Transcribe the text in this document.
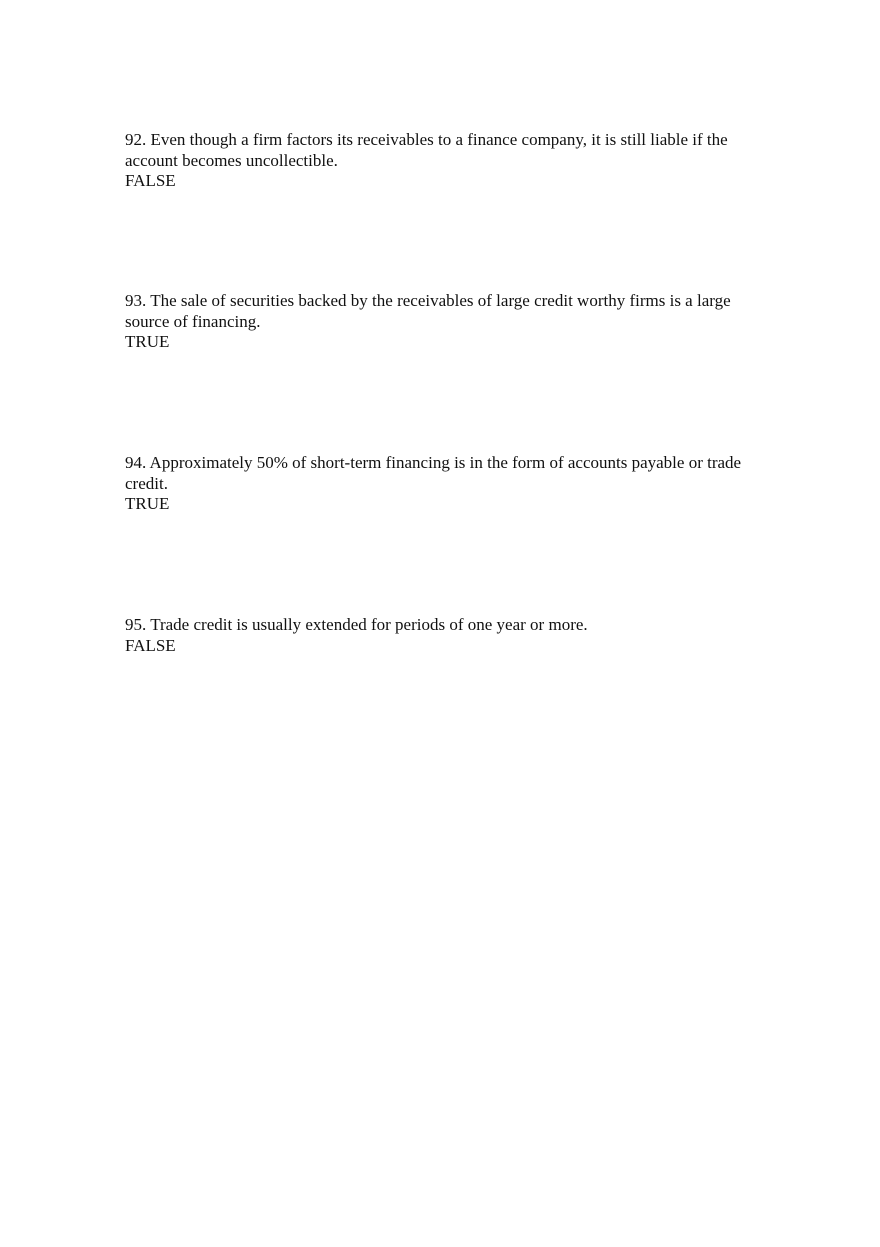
92. Even though a firm factors its receivables to a finance company, it is still liable if the account becomes uncollectible.
FALSE
93. The sale of securities backed by the receivables of large credit worthy firms is a large source of financing.
TRUE
94. Approximately 50% of short-term financing is in the form of accounts payable or trade credit.
TRUE
95. Trade credit is usually extended for periods of one year or more.
FALSE
